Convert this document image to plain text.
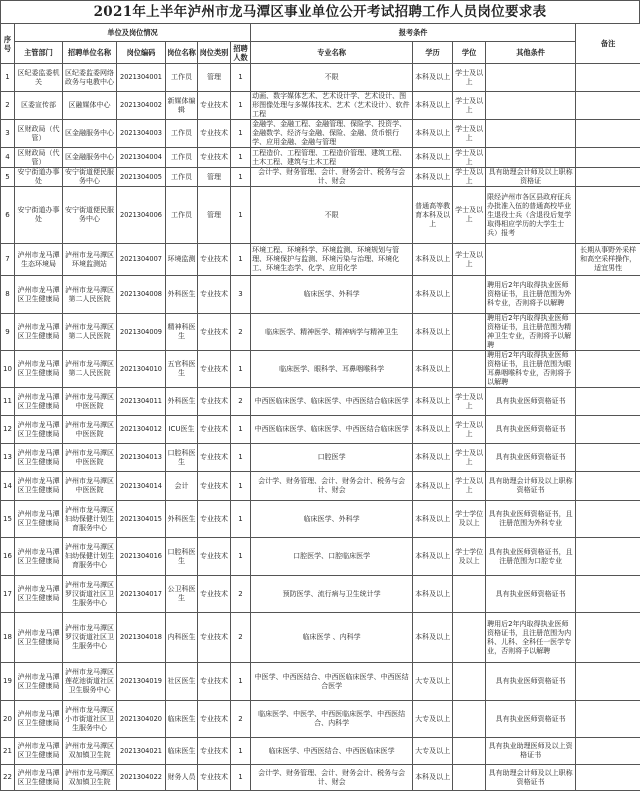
2021年上半年泸州市龙马潭区事业单位公开考试招聘工作人员岗位要求表
序号	单位及岗位情况						报考条件				备注
	主管部门	招聘单位名称	岗位编码	岗位名称	岗位类别	招聘人数	专业名称	学历	学位	其他条件	
1	区纪委监委机关	区纪委监委网络政务与电教中心	2021304001	工作员	管理	1	不限	本科及以上	学士及以上		
2	区委宣传部	区融媒体中心	2021304002	新媒体编辑	专业技术	1	动画、数字媒体艺术、艺术设计学、艺术设计、图形图像处理与多媒体技术、艺术（艺术设计）、软件工程	本科及以上	学士及以上		
3	区财政局（代管）	区金融服务中心	2021304003	工作员	专业技术	1	金融学、金融工程、金融管理、保险学、投资学、金融数学、经济与金融、保险、金融、货币银行学、应用金融、金融与管理	本科及以上	学士及以上		
4	区财政局（代管）	区金融服务中心	2021304004	工作员	专业技术	1	工程造价、工程管理、工程造价管理、建筑工程、土木工程、建筑与土木工程	本科及以上	学士及以上		
5	安宁街道办事处	安宁街道便民服务中心	2021304005	工作员	管理	1	会计学、财务管理、会计、财务会计、税务与会计、财会	本科及以上	学士及以上	具有助理会计师及以上职称资格证	
6	安宁街道办事处	安宁街道便民服务中心	2021304006	工作员	管理	1	不限	普通高等教育本科及以上	学士及以上	限经泸州市各区县政府征兵办批准入伍的普通高校毕业生退役士兵（含退役后复学取得相应学历的大学生士兵）报考	
7	泸州市龙马潭生态环境局	泸州市龙马潭区环境监测站	2021304007	环境监测	专业技术	1	环境工程、环境科学、环境监测、环境规划与管理、环境保护与监测、环境污染与治理、环境化工、环境生态学、化学、应用化学	本科及以上	学士及以上		长期从事野外采样和高空采样操作，适宜男性
8	泸州市龙马潭区卫生健康局	泸州市龙马潭区第二人民医院	2021304008	外科医生	专业技术	3	临床医学、外科学	本科及以上		聘用后2年内取得执业医师资格证书，且注册范围为外科专业，否则将予以解聘	
9	泸州市龙马潭区卫生健康局	泸州市龙马潭区第二人民医院	2021304009	精神科医生	专业技术	2	临床医学、精神医学、精神病学与精神卫生	本科及以上		聘用后2年内取得执业医师资格证书，且注册范围为精神卫生专业，否则将予以解聘	
10	泸州市龙马潭区卫生健康局	泸州市龙马潭区第二人民医院	2021304010	五官科医生	专业技术	1	临床医学、眼科学、耳鼻咽喉科学	本科及以上		聘用后2年内取得执业医师资格证书，且注册范围为眼耳鼻咽喉科专业，否则将予以解聘	
11	泸州市龙马潭区卫生健康局	泸州市龙马潭区中医医院	2021304011	外科医生	专业技术	2	中西医临床医学、临床医学、中西医结合临床医学	本科及以上	学士及以上	具有执业医师资格证书	
12	泸州市龙马潭区卫生健康局	泸州市龙马潭区中医医院	2021304012	ICU医生	专业技术	1	中西医临床医学、临床医学、中西医结合临床医学	本科及以上	学士及以上	具有执业医师资格证书	
13	泸州市龙马潭区卫生健康局	泸州市龙马潭区中医医院	2021304013	口腔科医生	专业技术	1	口腔医学	本科及以上	学士及以上	具有执业医师资格证书	
14	泸州市龙马潭区卫生健康局	泸州市龙马潭区中医医院	2021304014	会计	专业技术	1	会计学、财务管理、会计、财务会计、税务与会计、财会	本科及以上	学士及以上	具有助理会计师及以上职称资格证书	
15	泸州市龙马潭区卫生健康局	泸州市龙马潭区妇幼保健计划生育服务中心	2021304015	外科医生	专业技术	1	临床医学、外科学	本科及以上	学士学位及以上	具有执业医师资格证书，且注册范围为外科专业	
16	泸州市龙马潭区卫生健康局	泸州市龙马潭区妇幼保健计划生育服务中心	2021304016	口腔科医生	专业技术	1	口腔医学、口腔临床医学	本科及以上	学士学位及以上	具有执业医师资格证书，且注册范围为口腔专业	
17	泸州市龙马潭区卫生健康局	泸州市龙马潭区罗汉街道社区卫生服务中心	2021304017	公卫科医生	专业技术	2	预防医学、流行病与卫生统计学	本科及以上		具有执业医师资格证书	
18	泸州市龙马潭区卫生健康局	泸州市龙马潭区罗汉街道社区卫生服务中心	2021304018	内科医生	专业技术	2	临床医学 、内科学	本科及以上		聘用后2年内取得执业医师资格证书，且注册范围为内科、儿科、全科任一医学专业，否则将予以解聘	
19	泸州市龙马潭区卫生健康局	泸州市龙马潭区莲花池街道社区卫生服务中心	2021304019	社区医生	专业技术	1	中医学、中西医结合、中西医临床医学、中西医结合医学	大专及以上		具有执业医师资格证书	
20	泸州市龙马潭区卫生健康局	泸州市龙马潭区小市街道社区卫生服务中心	2021304020	临床医生	专业技术	2	临床医学、中医学、中西医临床医学、中西医结合、内科学	大专及以上		具有执业医师资格证书	
21	泸州市龙马潭区卫生健康局	泸州市龙马潭区双加镇卫生院	2021304021	临床医生	专业技术	1	临床医学、中西医结合、中西医临床医学	大专及以上		具有执业助理医师及以上资格证书	
22	泸州市龙马潭区卫生健康局	泸州市龙马潭区双加镇卫生院	2021304022	财务人员	专业技术	1	会计学、财务管理、会计、财务会计、税务与会计、财会	本科及以上		具有助理会计师及以上职称资格证书	
